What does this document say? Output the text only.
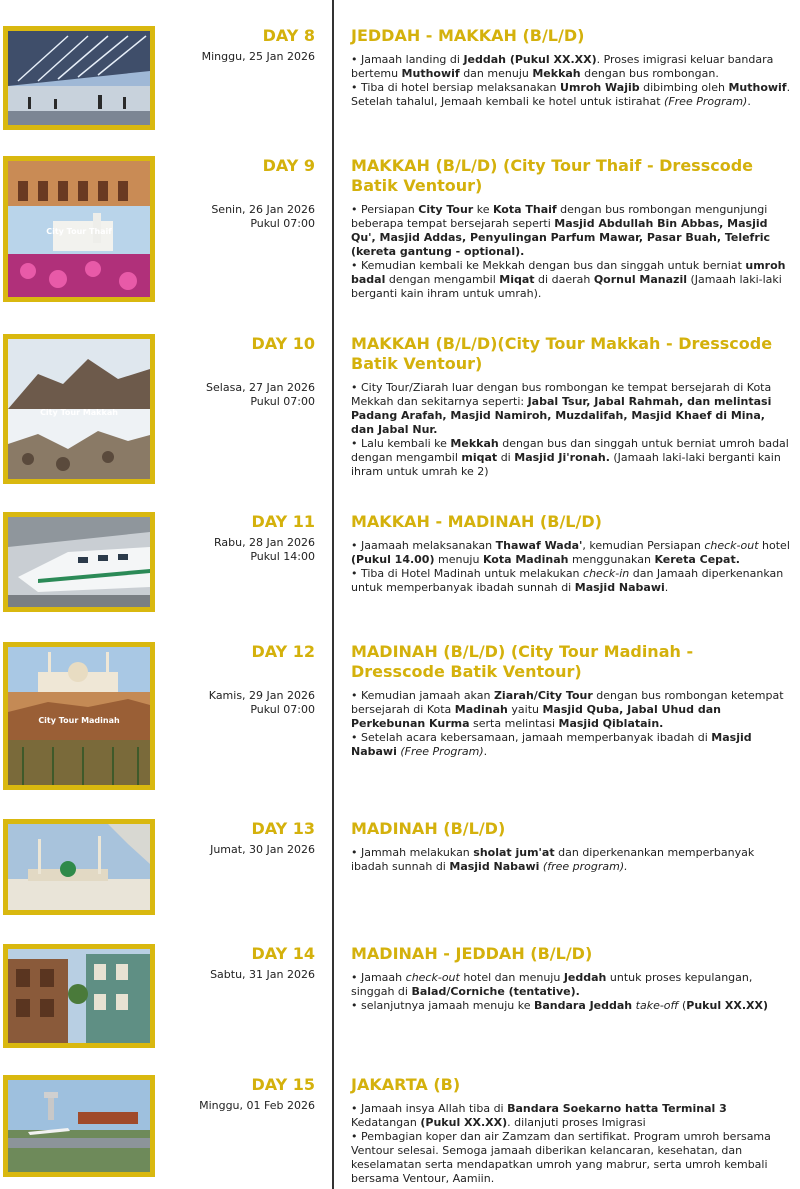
DAY 8
Minggu, 25 Jan 2026
JEDDAH - MAKKAH (B/L/D)
• Jamaah landing di Jeddah (Pukul XX.XX). Proses imigrasi keluar bandara bertemu Muthowif dan menuju Mekkah dengan bus rombongan.
• Tiba di hotel bersiap melaksanakan Umroh Wajib dibimbing oleh Muthowif. Setelah tahalul, Jemaah kembali ke hotel untuk istirahat (Free Program).
City Tour Thaif
DAY 9
Senin, 26 Jan 2026
Pukul 07:00
MAKKAH (B/L/D) (City Tour Thaif - Dresscode Batik Ventour)
• Persiapan City Tour ke Kota Thaif dengan bus rombongan mengunjungi beberapa tempat bersejarah seperti Masjid Abdullah Bin Abbas, Masjid Qu', Masjid Addas, Penyulingan Parfum Mawar, Pasar Buah, Telefric (kereta gantung - optional).
• Kemudian kembali ke Mekkah dengan bus dan singgah untuk berniat umroh badal dengan mengambil Miqat di daerah Qornul Manazil (Jamaah laki-laki berganti kain ihram untuk umrah).
City Tour Makkah
DAY 10
Selasa, 27 Jan 2026
Pukul 07:00
MAKKAH (B/L/D)(City Tour Makkah - Dresscode Batik Ventour)
• City Tour/Ziarah luar dengan bus rombongan ke tempat bersejarah di Kota Mekkah dan sekitarnya seperti: Jabal Tsur, Jabal Rahmah, dan melintasi Padang Arafah, Masjid Namiroh, Muzdalifah, Masjid Khaef di Mina, dan Jabal Nur.
• Lalu kembali ke Mekkah dengan bus dan singgah untuk berniat umroh badal dengan mengambil miqat di Masjid Ji'ronah. (Jamaah laki-laki berganti kain ihram untuk umrah ke 2)
DAY 11
Rabu, 28 Jan 2026
Pukul 14:00
MAKKAH - MADINAH (B/L/D)
• Jaamaah melaksanakan Thawaf Wada', kemudian Persiapan check-out hotel (Pukul 14.00) menuju Kota Madinah menggunakan Kereta Cepat.
• Tiba di Hotel Madinah untuk melakukan check-in dan Jamaah diperkenankan untuk memperbanyak ibadah sunnah di Masjid Nabawi.
City Tour Madinah
DAY 12
Kamis, 29 Jan 2026
Pukul 07:00
MADINAH (B/L/D) (City Tour Madinah - Dresscode Batik Ventour)
• Kemudian jamaah akan Ziarah/City Tour dengan bus rombongan ketempat bersejarah di Kota Madinah yaitu Masjid Quba, Jabal Uhud dan Perkebunan Kurma serta melintasi Masjid Qiblatain.
• Setelah acara kebersamaan, jamaah memperbanyak ibadah di Masjid Nabawi (Free Program).
DAY 13
Jumat, 30 Jan 2026
MADINAH (B/L/D)
• Jammah melakukan sholat jum'at dan diperkenankan memperbanyak ibadah sunnah di Masjid Nabawi (free program).
DAY 14
Sabtu, 31 Jan 2026
MADINAH - JEDDAH (B/L/D)
• Jamaah check-out hotel dan menuju Jeddah untuk proses kepulangan, singgah di Balad/Corniche (tentative).
• selanjutnya jamaah menuju ke Bandara Jeddah take-off (Pukul XX.XX)
DAY 15
Minggu, 01 Feb 2026
JAKARTA (B)
• Jamaah insya Allah tiba di Bandara Soekarno hatta Terminal 3 Kedatangan (Pukul XX.XX). dilanjuti proses Imigrasi
• Pembagian koper dan air Zamzam dan sertifikat. Program umroh bersama Ventour selesai. Semoga jamaah diberikan kelancaran, kesehatan, dan keselamatan serta mendapatkan umroh yang mabrur, serta umroh kembali bersama Ventour, Aamiin.
